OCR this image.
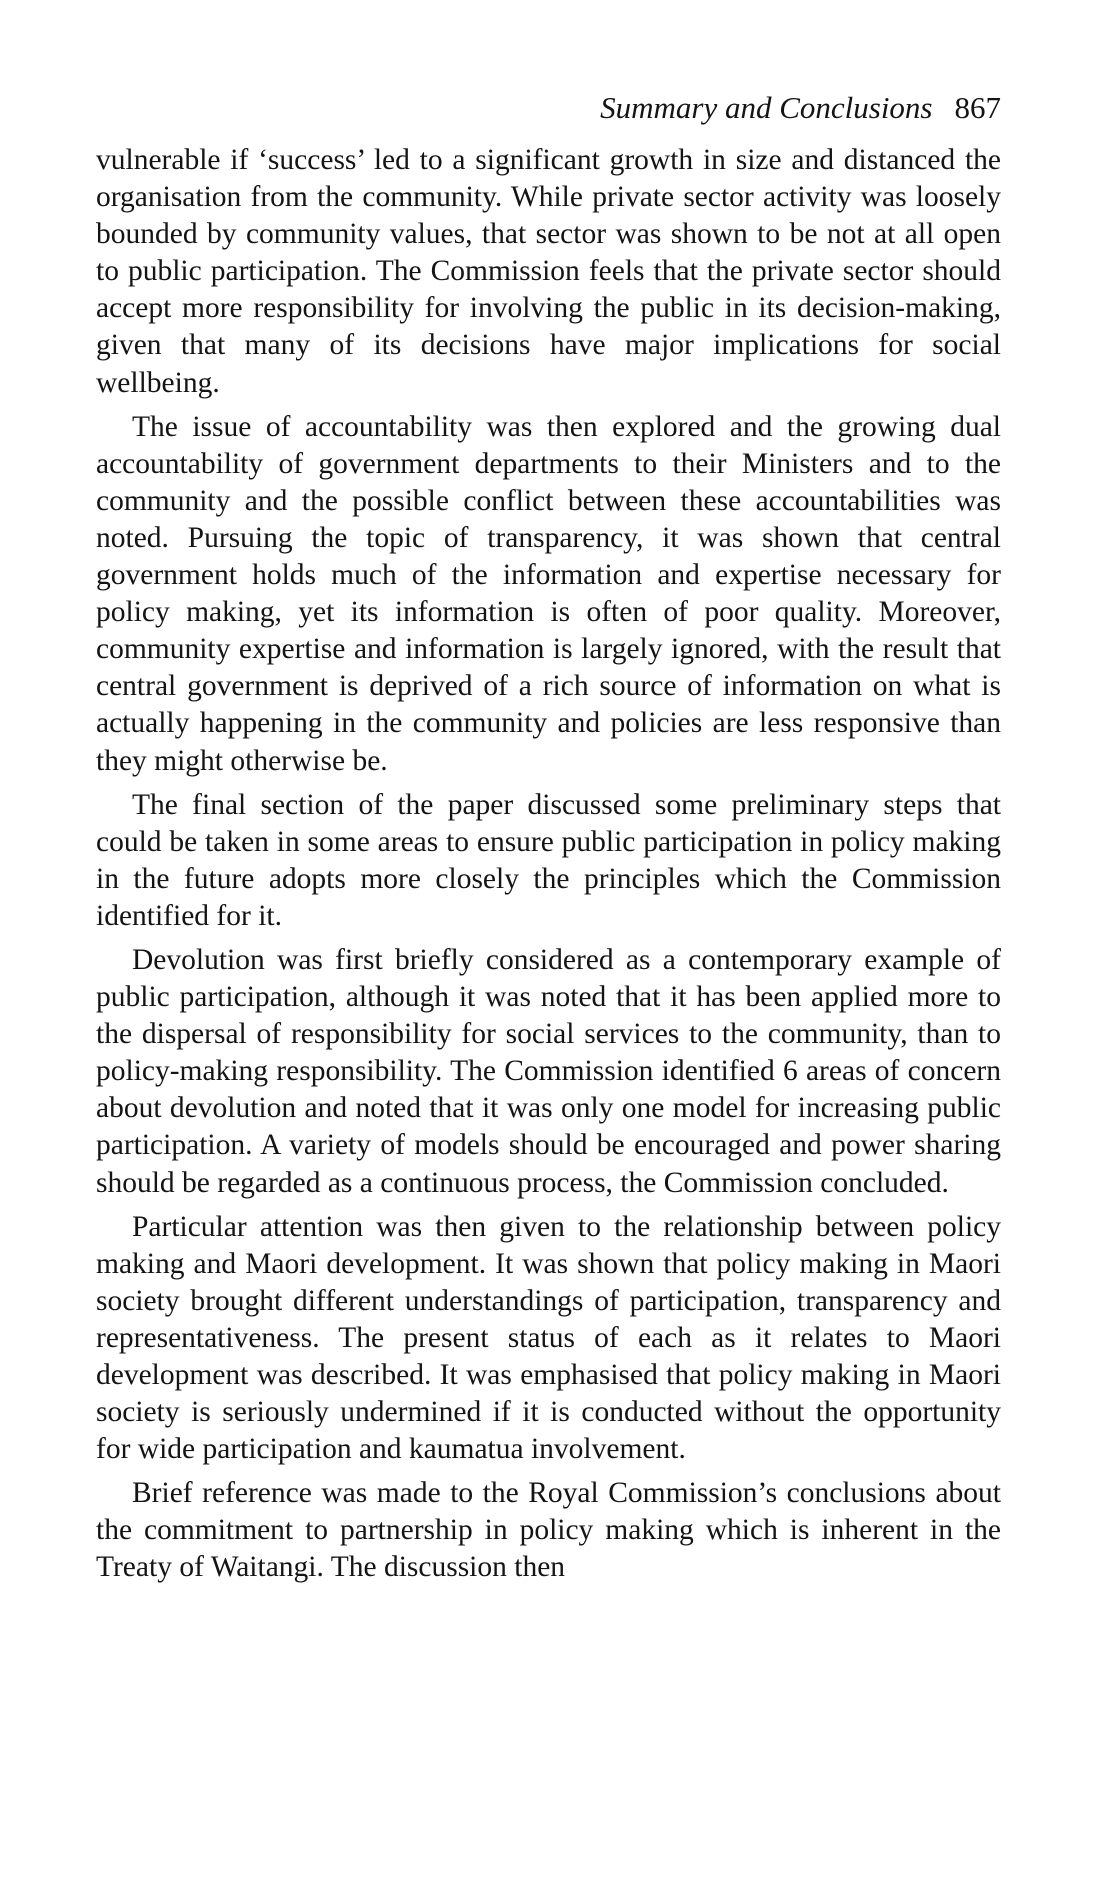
Summary and Conclusions 867

vulnerable if ‘success’ led to a significant growth in size and distanced the organisation from the community. While private sector activity was loosely bounded by community values, that sector was shown to be not at all open to public participation. The Commission feels that the private sector should accept more responsibility for involving the public in its decision-making, given that many of its decisions have major implications for social wellbeing.

The issue of accountability was then explored and the growing dual accountability of government departments to their Ministers and to the community and the possible conflict between these accountabilities was noted. Pursuing the topic of transparency, it was shown that central government holds much of the information and expertise necessary for policy making, yet its information is often of poor quality. Moreover, community expertise and information is largely ignored, with the result that central government is deprived of a rich source of information on what is actually happening in the community and policies are less responsive than they might otherwise be.

The final section of the paper discussed some preliminary steps that could be taken in some areas to ensure public participation in policy making in the future adopts more closely the principles which the Commission identified for it.

Devolution was first briefly considered as a contemporary example of public participation, although it was noted that it has been applied more to the dispersal of responsibility for social services to the community, than to policy-making responsibility. The Commission identified 6 areas of concern about devolution and noted that it was only one model for increasing public participation. A variety of models should be encouraged and power sharing should be regarded as a continuous process, the Commission concluded.

Particular attention was then given to the relationship between policy making and Maori development. It was shown that policy making in Maori society brought different understandings of participation, transparency and representativeness. The present status of each as it relates to Maori development was described. It was emphasised that policy making in Maori society is seriously undermined if it is conducted without the opportunity for wide participation and kaumatua involvement.

Brief reference was made to the Royal Commission’s conclusions about the commitment to partnership in policy making which is inherent in the Treaty of Waitangi. The discussion then
